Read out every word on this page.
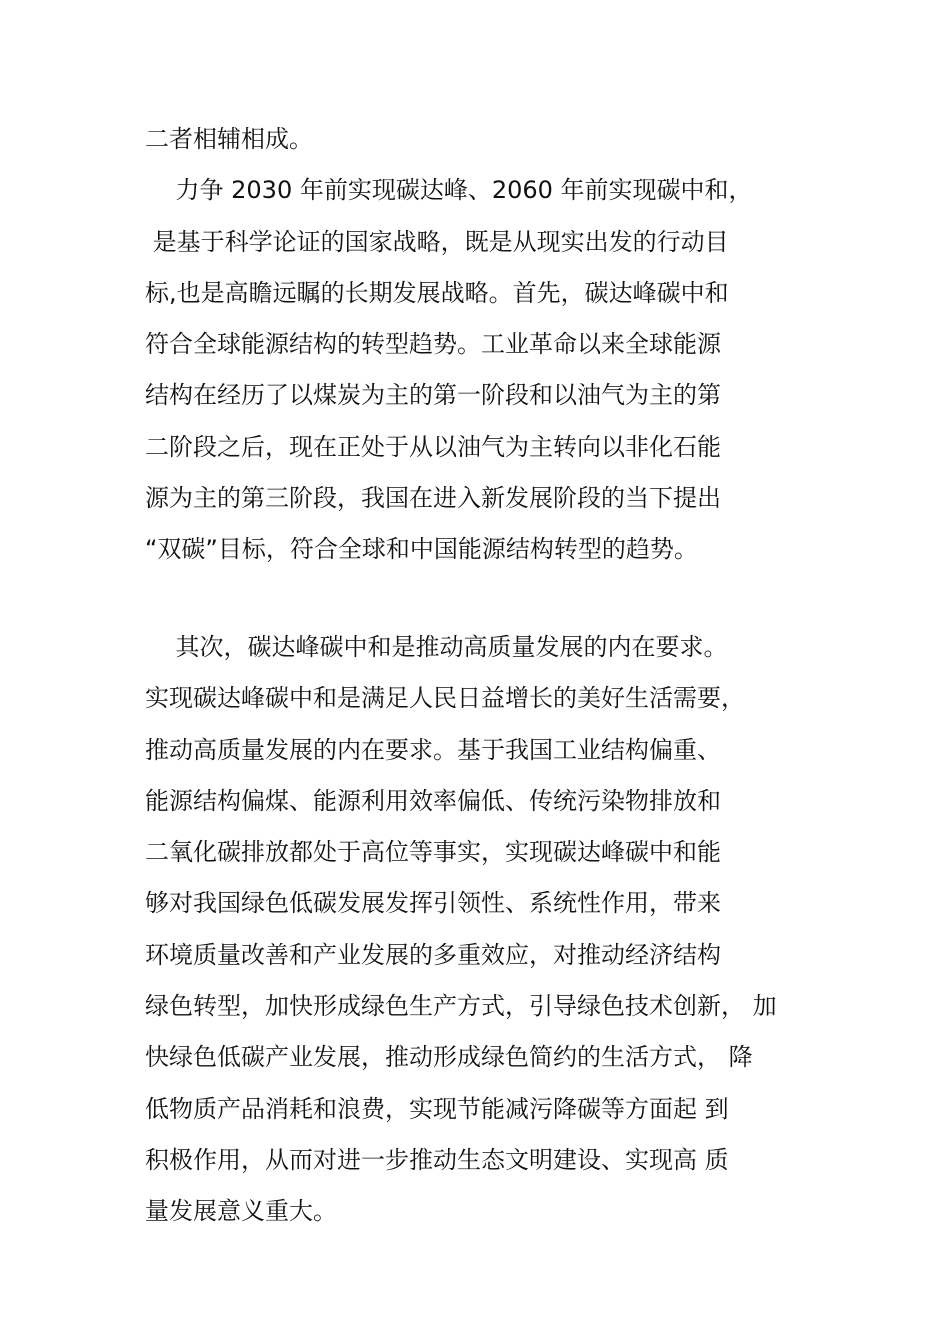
二者相辅相成。
力争 2030 年前实现碳达峰、2060 年前实现碳中和，
是基于科学论证的国家战略，既是从现实出发的行动目
标,也是高瞻远瞩的长期发展战略。首先，碳达峰碳中和
符合全球能源结构的转型趋势。工业革命以来全球能源
结构在经历了以煤炭为主的第一阶段和以油气为主的第
二阶段之后，现在正处于从以油气为主转向以非化石能
源为主的第三阶段，我国在进入新发展阶段的当下提出
“双碳”目标，符合全球和中国能源结构转型的趋势。
其次，碳达峰碳中和是推动高质量发展的内在要求。
实现碳达峰碳中和是满足人民日益增长的美好生活需要，
推动高质量发展的内在要求。基于我国工业结构偏重、
能源结构偏煤、能源利用效率偏低、传统污染物排放和
二氧化碳排放都处于高位等事实，实现碳达峰碳中和能
够对我国绿色低碳发展发挥引领性、系统性作用，带来
环境质量改善和产业发展的多重效应，对推动经济结构
绿色转型，加快形成绿色生产方式，引导绿色技术创新， 加
快绿色低碳产业发展，推动形成绿色简约的生活方式， 降
低物质产品消耗和浪费，实现节能减污降碳等方面起 到
积极作用，从而对进一步推动生态文明建设、实现高 质
量发展意义重大。
